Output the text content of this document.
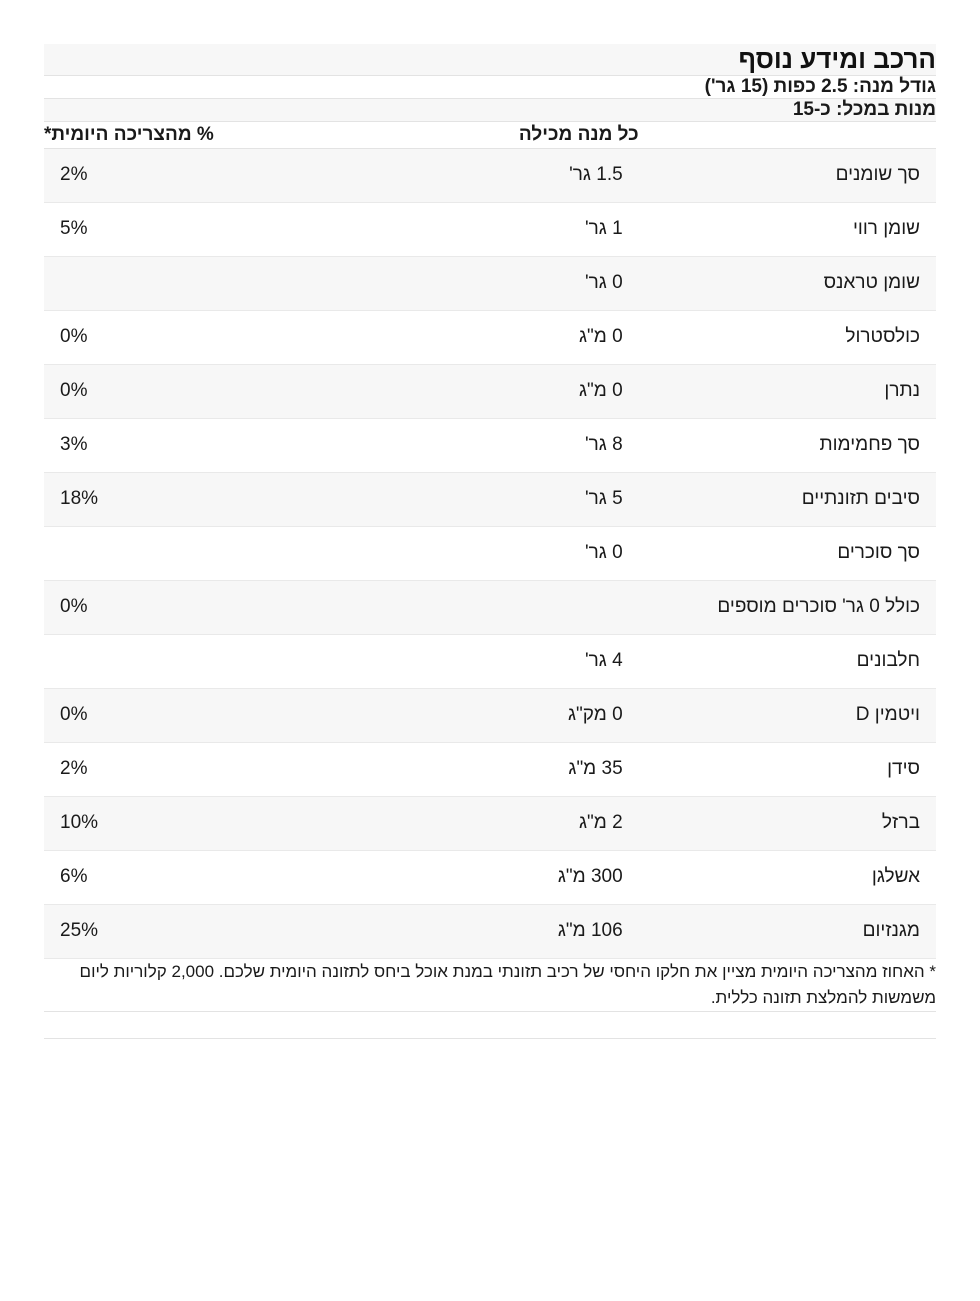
הרכב ומידע נוסף		

גודל מנה: 2.5 כפות (15 גר')		
מנות במכל: כ-15		
	כל מנה מכילה	% מהצריכה היומית*
סך שומנים	1.5 גר'	2%
שומן רווי	1 גר'	5%
שומן טראנס	0 גר'	
כולסטרול	0 מ"ג	0%
נתרן	0 מ"ג	0%
סך פחמימות	8 גר'	3%
סיבים תזונתיים	5 גר'	18%
סך סוכרים	0 גר'	
כולל 0 גר' סוכרים מוספים		0%
חלבונים	4 גר'	
ויטמין D	0 מק"ג	0%
סידן	35 מ"ג	2%
ברזל	2 מ"ג	10%
אשלגן	300 מ"ג	6%
מגנזיום	106 מ"ג	25%
* האחוז מהצריכה היומית מציין את חלקו היחסי של רכיב תזונתי במנת אוכל ביחס לתזונה היומית שלכם. 2,000 קלוריות ליום משמשות להמלצת תזונה כללית.		
